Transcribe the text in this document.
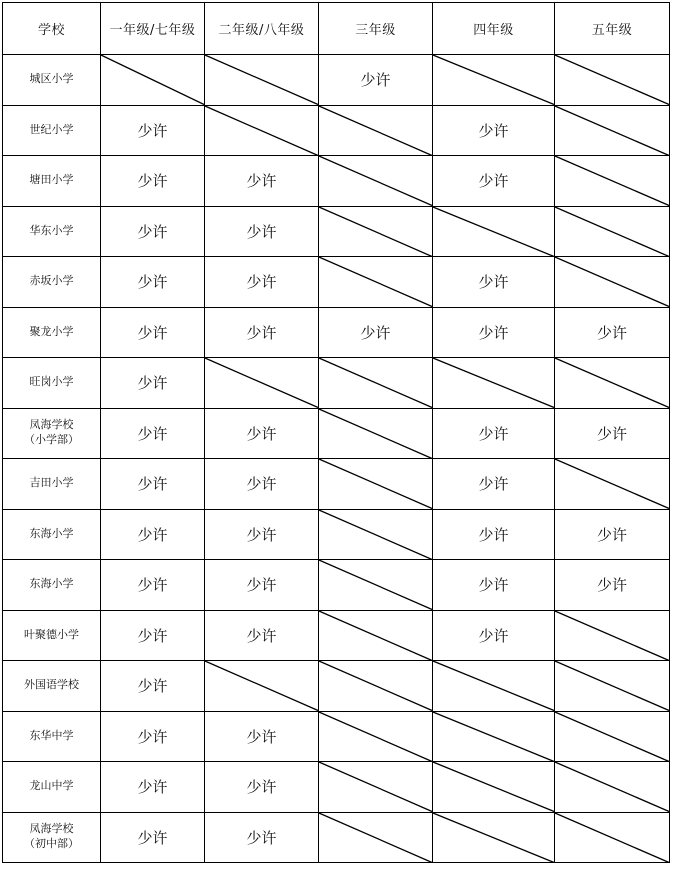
学校	一年级/七年级	二年级/八年级	三年级	四年级	五年级
城区小学			少许	

世纪小学	少许			少许	

塘田小学	少许	少许		少许	

华东小学	少许	少许	

赤坂小学	少许	少许		少许	

聚龙小学	少许	少许	少许	少许	少许
旺岗小学	少许	

凤海学校
（小学部）	少许	少许		少许	少许
吉田小学	少许	少许		少许	

东海小学	少许	少许		少许	少许
东海小学	少许	少许		少许	少许
叶聚德小学	少许	少许		少许	

外国语学校	少许	

东华中学	少许	少许	

龙山中学	少许	少许	

凤海学校
（初中部）	少许	少许	
